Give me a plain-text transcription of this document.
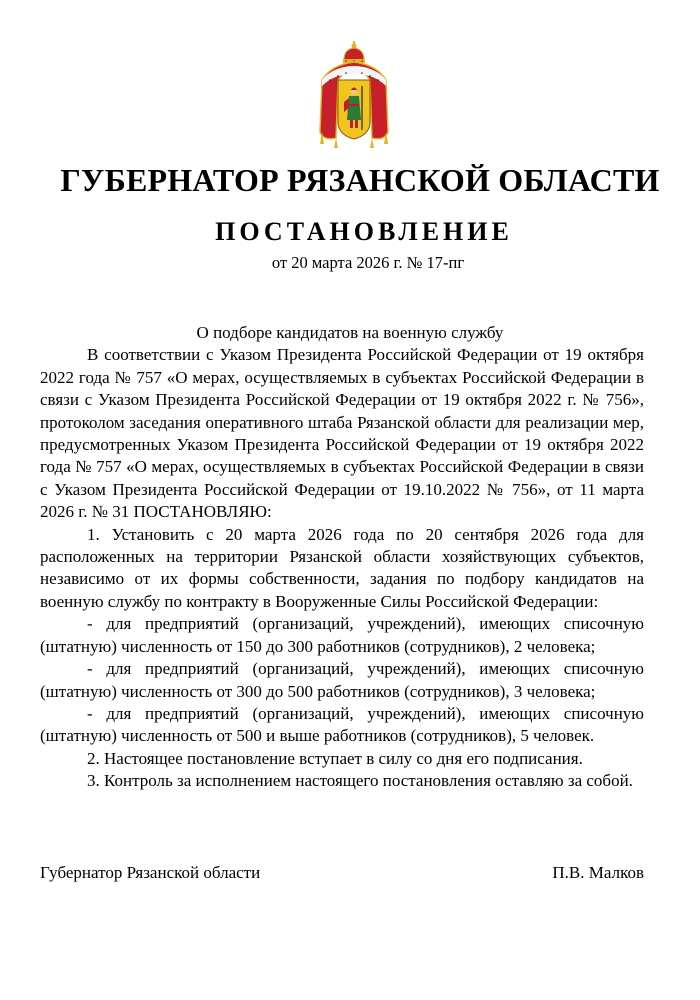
ГУБЕРНАТОР РЯЗАНСКОЙ ОБЛАСТИ
ПОСТАНОВЛЕНИЕ
от 20 марта 2026 г. № 17-пг

О подборе кандидатов на военную службу

В соответствии с Указом Президента Российской Федерации от 19 октября 2022 года № 757 «О мерах, осуществляемых в субъектах Российской Федерации в связи с Указом Президента Российской Федерации от 19 октября 2022 г. № 756», протоколом заседания оперативного штаба Рязанской области для реализации мер, предусмотренных Указом Президента Российской Федерации от 19 октября 2022 года № 757 «О мерах, осуществляемых в субъектах Российской Федерации в связи с Указом Президента Российской Федерации от 19.10.2022 № 756», от 11 марта 2026 г. № 31 ПОСТАНОВЛЯЮ:

1. Установить с 20 марта 2026 года по 20 сентября 2026 года для расположенных на территории Рязанской области хозяйствующих субъектов, независимо от их формы собственности, задания по подбору кандидатов на военную службу по контракту в Вооруженные Силы Российской Федерации:

- для предприятий (организаций, учреждений), имеющих списочную (штатную) численность от 150 до 300 работников (сотрудников), 2 человека;

- для предприятий (организаций, учреждений), имеющих списочную (штатную) численность от 300 до 500 работников (сотрудников), 3 человека;

- для предприятий (организаций, учреждений), имеющих списочную (штатную) численность от 500 и выше работников (сотрудников), 5 человек.

2. Настоящее постановление вступает в силу со дня его подписания.

3. Контроль за исполнением настоящего постановления оставляю за собой.

Губернатор Рязанской области	П.В. Малков
